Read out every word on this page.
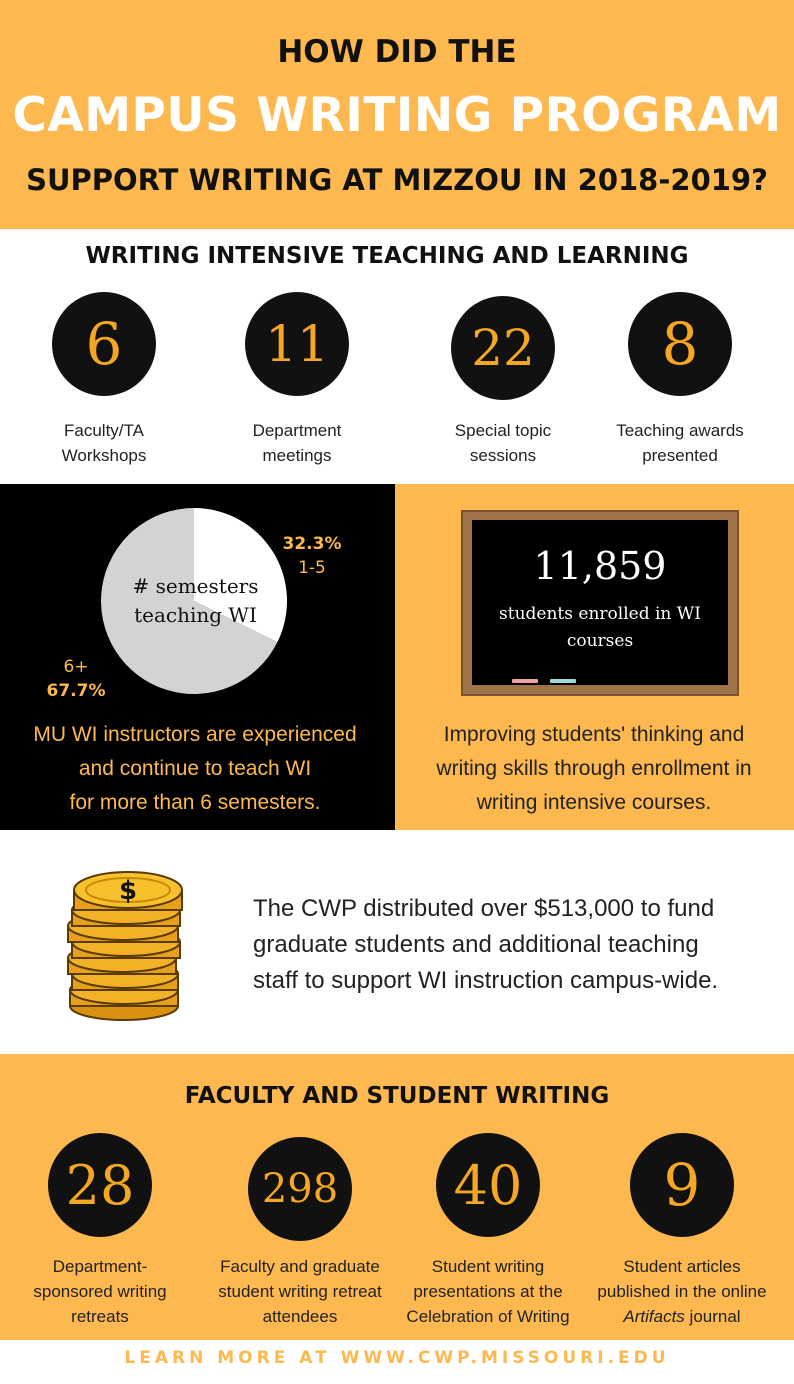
HOW DID THE
CAMPUS WRITING PROGRAM
SUPPORT WRITING AT MIZZOU IN 2018-2019?
WRITING INTENSIVE TEACHING AND LEARNING
6
Faculty/TA
Workshops
11
Department
meetings
22
Special topic
sessions
8
Teaching awards
presented
# semesters
teaching WI
32.3%
1-5
6+
67.7%
MU WI instructors are experienced
and continue to teach WI
for more than 6 semesters.
11,859
students enrolled in WI
courses
Improving students' thinking and
writing skills through enrollment in
writing intensive courses.
$
The CWP distributed over $513,000 to fund
graduate students and additional teaching
staff to support WI instruction campus-wide.
FACULTY AND STUDENT WRITING
28
Department-
sponsored writing
retreats
298
Faculty and graduate
student writing retreat
attendees
40
Student writing
presentations at the
Celebration of Writing
9
Student articles
published in the online
Artifacts journal
LEARN MORE AT WWW.CWP.MISSOURI.EDU
